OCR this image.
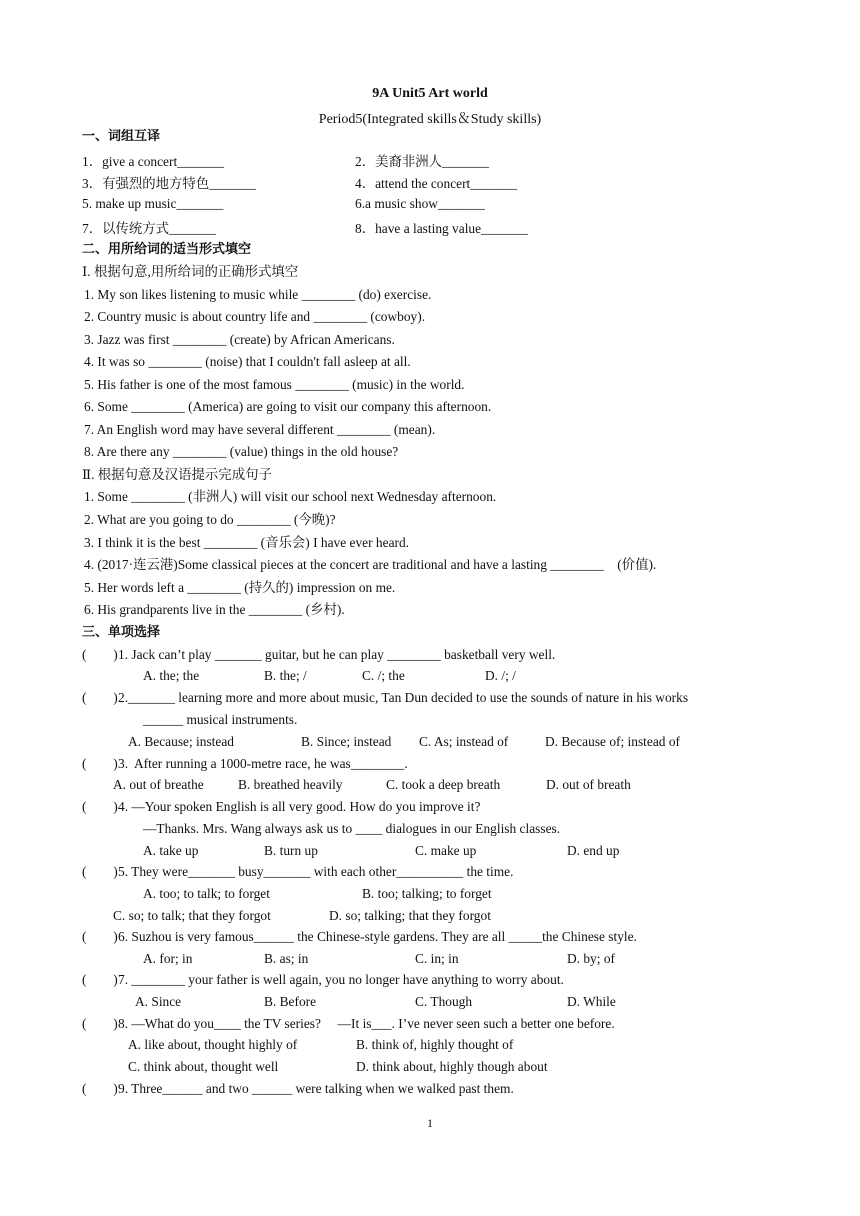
9A Unit5 Art world
Period5(Integrated skills＆Study skills)
一、词组互译
1．give a concert_______	2．美裔非洲人_______
3．有强烈的地方特色_______	4．attend the concert_______
5. make up music_______	6.a music show_______
7．以传统方式_______	8．have a lasting value_______
二、用所给词的适当形式填空
Ⅰ. 根据句意,用所给词的正确形式填空
1. My son likes listening to music while ________ (do) exercise.
2. Country music is about country life and ________ (cowboy).
3. Jazz was first ________ (create) by African Americans.
4. It was so ________ (noise) that I couldn't fall asleep at all.
5. His father is one of the most famous ________ (music) in the world.
6. Some ________ (America) are going to visit our company this afternoon.
7. An English word may have several different ________ (mean).
8. Are there any ________ (value) things in the old house?
Ⅱ. 根据句意及汉语提示完成句子
1. Some ________ (非洲人) will visit our school next Wednesday afternoon.
2. What are you going to do ________ (今晚)?
3. I think it is the best ________ (音乐会) I have ever heard.
4. (2017·连云港)Some classical pieces at the concert are traditional and have a lasting ________    (价值).
5. Her words left a ________ (持久的) impression on me.
6. His grandparents live in the ________ (乡村).
三、单项选择
(        ) 1. Jack can’t play _______ guitar, but he can play ________ basketball very well.
A. the; the	B. the; /	C. /; the	D. /; /
(        ) 2._______ learning more and more about music, Tan Dun decided to use the sounds of nature in his works
______ musical instruments.
A. Because; instead	B. Since; instead C. As; instead of	D. Because of; instead of
(        ) 3.  After running a 1000-metre race, he was________.
A. out of breathe	B. breathed heavily	C. took a deep breath	D. out of breath
(        ) 4. —Your spoken English is all very good. How do you improve it?
—Thanks. Mrs. Wang always ask us to ____ dialogues in our English classes.
A. take up	B. turn up	C. make up	D. end up
(        ) 5. They were_______ busy_______ with each other__________ the time.
A. too; to talk; to forget	B. too; talking; to forget
C. so; to talk; that they forgot	D. so; talking; that they forgot
(        ) 6. Suzhou is very famous______ the Chinese-style gardens. They are all _____the Chinese style.
A. for; in	B. as; in	C. in; in	D. by; of
(        ) 7. ________ your father is well again, you no longer have anything to worry about.
A. Since	B. Before	C. Though	D. While
(        ) 8. —What do you____ the TV series?     —It is___. I’ve never seen such a better one before.
A. like about, thought highly of	B. think of, highly thought of
C. think about, thought well	D. think about, highly though about
(        ) 9. Three______ and two ______ were talking when we walked past them.
1
